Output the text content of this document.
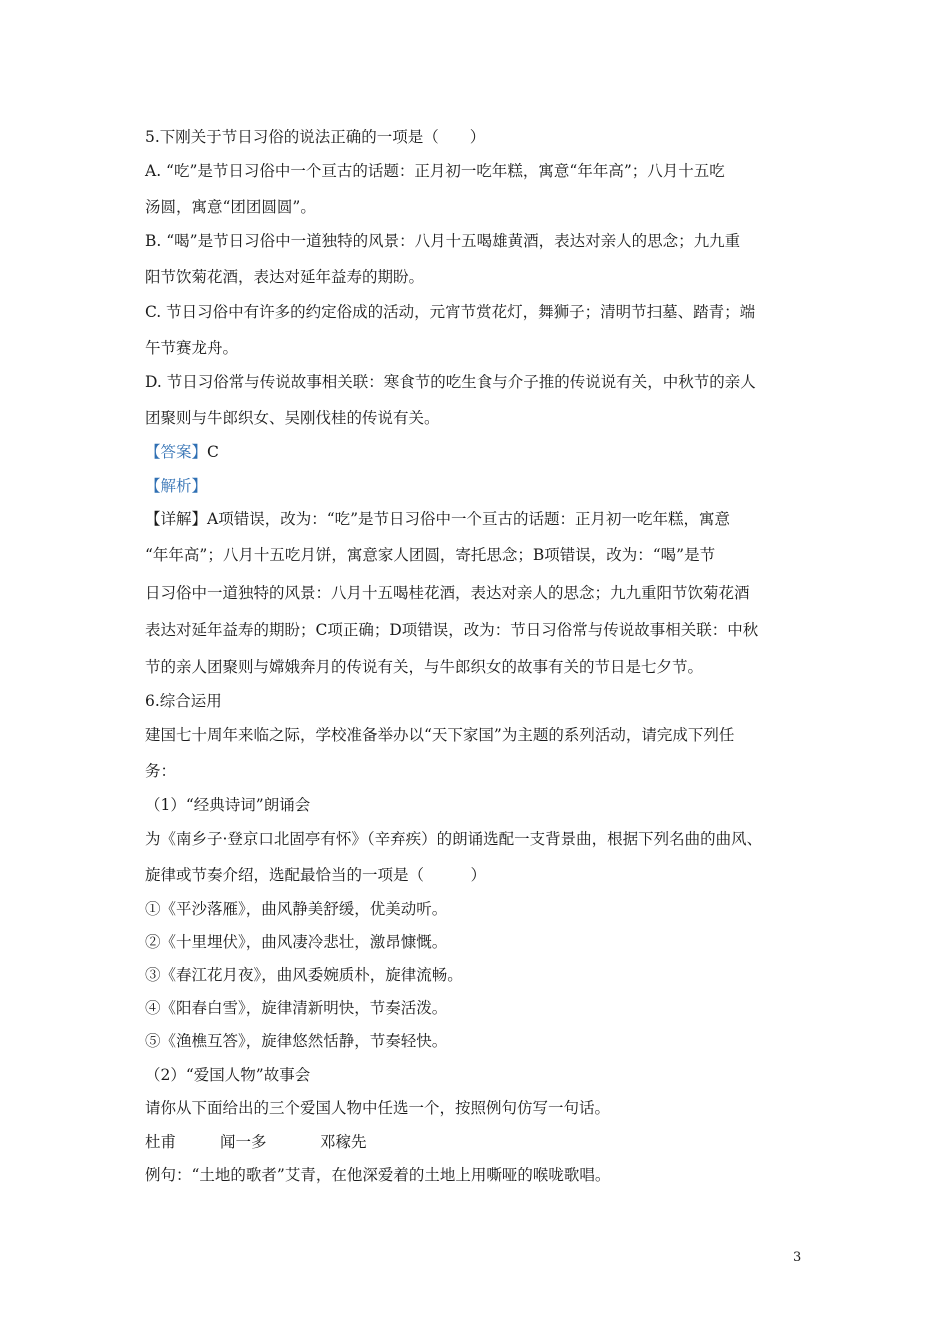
5.下刚关于节日习俗的说法正确的一项是（　　）
A. “吃”是节日习俗中一个亘古的话题：正月初一吃年糕，寓意“年年高”；八月十五吃
汤圆，寓意“团团圆圆”。
B. “喝”是节日习俗中一道独特的风景：八月十五喝雄黄酒，表达对亲人的思念；九九重
阳节饮菊花酒，表达对延年益寿的期盼。
C. 节日习俗中有许多的约定俗成的活动，元宵节赏花灯，舞狮子；清明节扫墓、踏青；端
午节赛龙舟。
D. 节日习俗常与传说故事相关联：寒食节的吃生食与介子推的传说说有关，中秋节的亲人
团聚则与牛郎织女、吴刚伐桂的传说有关。
【答案】C
【解析】
【详解】A项错误，改为：“吃”是节日习俗中一个亘古的话题：正月初一吃年糕，寓意
“年年高”；八月十五吃月饼，寓意家人团圆，寄托思念；B项错误，改为：“喝”是节
日习俗中一道独特的风景：八月十五喝桂花酒，表达对亲人的思念；九九重阳节饮菊花酒
表达对延年益寿的期盼；C项正确；D项错误，改为：节日习俗常与传说故事相关联：中秋
节的亲人团聚则与嫦娥奔月的传说有关，与牛郎织女的故事有关的节日是七夕节。
6.综合运用
建国七十周年来临之际，学校准备举办以“天下家国”为主题的系列活动，请完成下列任
务：
（1）“经典诗词”朗诵会
为《南乡子·登京口北固亭有怀》（辛弃疾）的朗诵选配一支背景曲，根据下列名曲的曲风、
旋律或节奏介绍，选配最恰当的一项是（　　　）
①《平沙落雁》，曲风静美舒缓，优美动听。
②《十里埋伏》，曲风凄冷悲壮，激昂慷慨。
③《春江花月夜》，曲风委婉质朴，旋律流畅。
④《阳春白雪》，旋律清新明快，节奏活泼。
⑤《渔樵互答》，旋律悠然恬静，节奏轻快。
（2）“爱国人物”故事会
请你从下面给出的三个爱国人物中任选一个，按照例句仿写一句话。
杜甫	闻一多	邓稼先
例句：“土地的歌者”艾青，在他深爱着的土地上用嘶哑的喉咙歌唱。
3
